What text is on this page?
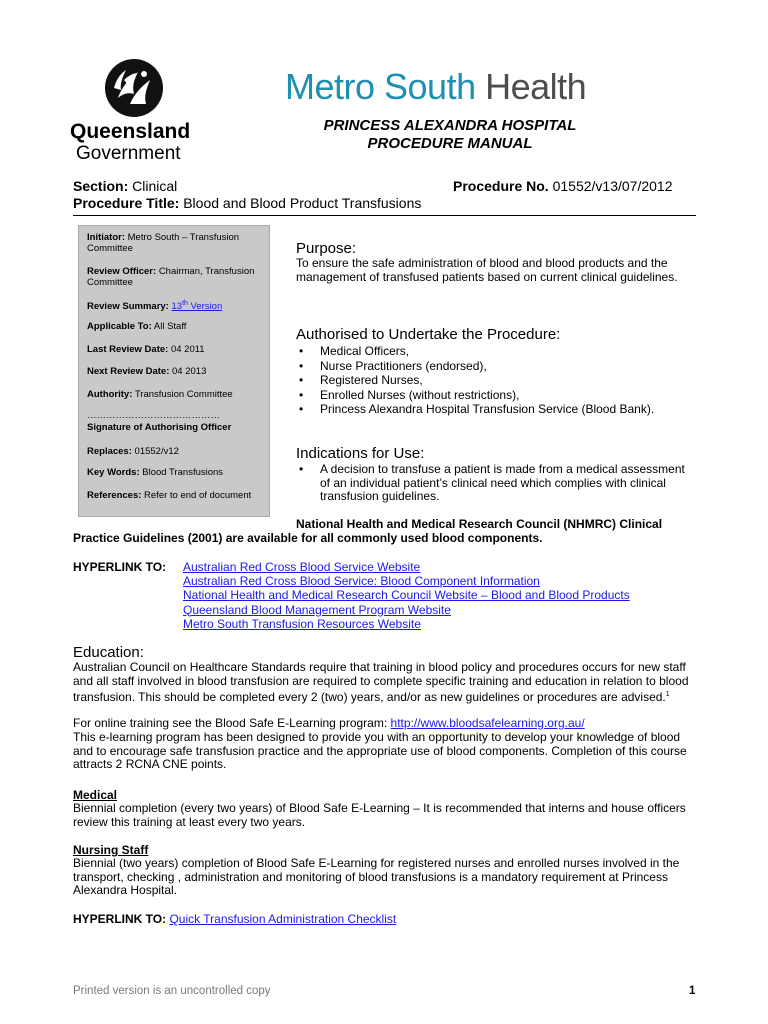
Queensland
Government
Metro South Health
PRINCESS ALEXANDRA HOSPITAL
PROCEDURE MANUAL
Section: Clinical	Procedure No. 01552/v13/07/2012
Procedure Title: Blood and Blood Product Transfusions
Initiator: Metro South – Transfusion Committee
Review Officer: Chairman, Transfusion Committee
Review Summary: 13th Version
Applicable To: All Staff
Last Review Date: 04 2011
Next Review Date: 04 2013
Authority: Transfusion Committee
……………………………………
Signature of Authorising Officer
Replaces: 01552/v12
Key Words: Blood Transfusions
References: Refer to end of document
Purpose:
To ensure the safe administration of blood and blood products and the management of transfused patients based on current clinical guidelines.
Authorised to Undertake the Procedure:
• Medical Officers,
• Nurse Practitioners (endorsed),
• Registered Nurses,
• Enrolled Nurses (without restrictions),
• Princess Alexandra Hospital Transfusion Service (Blood Bank).
Indications for Use:
• A decision to transfuse a patient is made from a medical assessment of an individual patient’s clinical need which complies with clinical transfusion guidelines.
National Health and Medical Research Council (NHMRC) Clinical
Practice Guidelines (2001) are available for all commonly used blood components.
HYPERLINK TO: Australian Red Cross Blood Service Website
Australian Red Cross Blood Service: Blood Component Information
National Health and Medical Research Council Website – Blood and Blood Products
Queensland Blood Management Program Website
Metro South Transfusion Resources Website
Education:
Australian Council on Healthcare Standards require that training in blood policy and procedures occurs for new staff and all staff involved in blood transfusion are required to complete specific training and education in relation to blood transfusion. This should be completed every 2 (two) years, and/or as new guidelines or procedures are advised.$^1$
For online training see the Blood Safe E-Learning program: http://www.bloodsafelearning.org.au/
This e-learning program has been designed to provide you with an opportunity to develop your knowledge of blood and to encourage safe transfusion practice and the appropriate use of blood components. Completion of this course attracts 2 RCNA CNE points.
Medical
Biennial completion (every two years) of Blood Safe E-Learning – It is recommended that interns and house officers review this training at least every two years.
Nursing Staff
Biennial (two years) completion of Blood Safe E-Learning for registered nurses and enrolled nurses involved in the transport, checking , administration and monitoring of blood transfusions is a mandatory requirement at Princess Alexandra Hospital.
HYPERLINK TO: Quick Transfusion Administration Checklist
Printed version is an uncontrolled copy	1
